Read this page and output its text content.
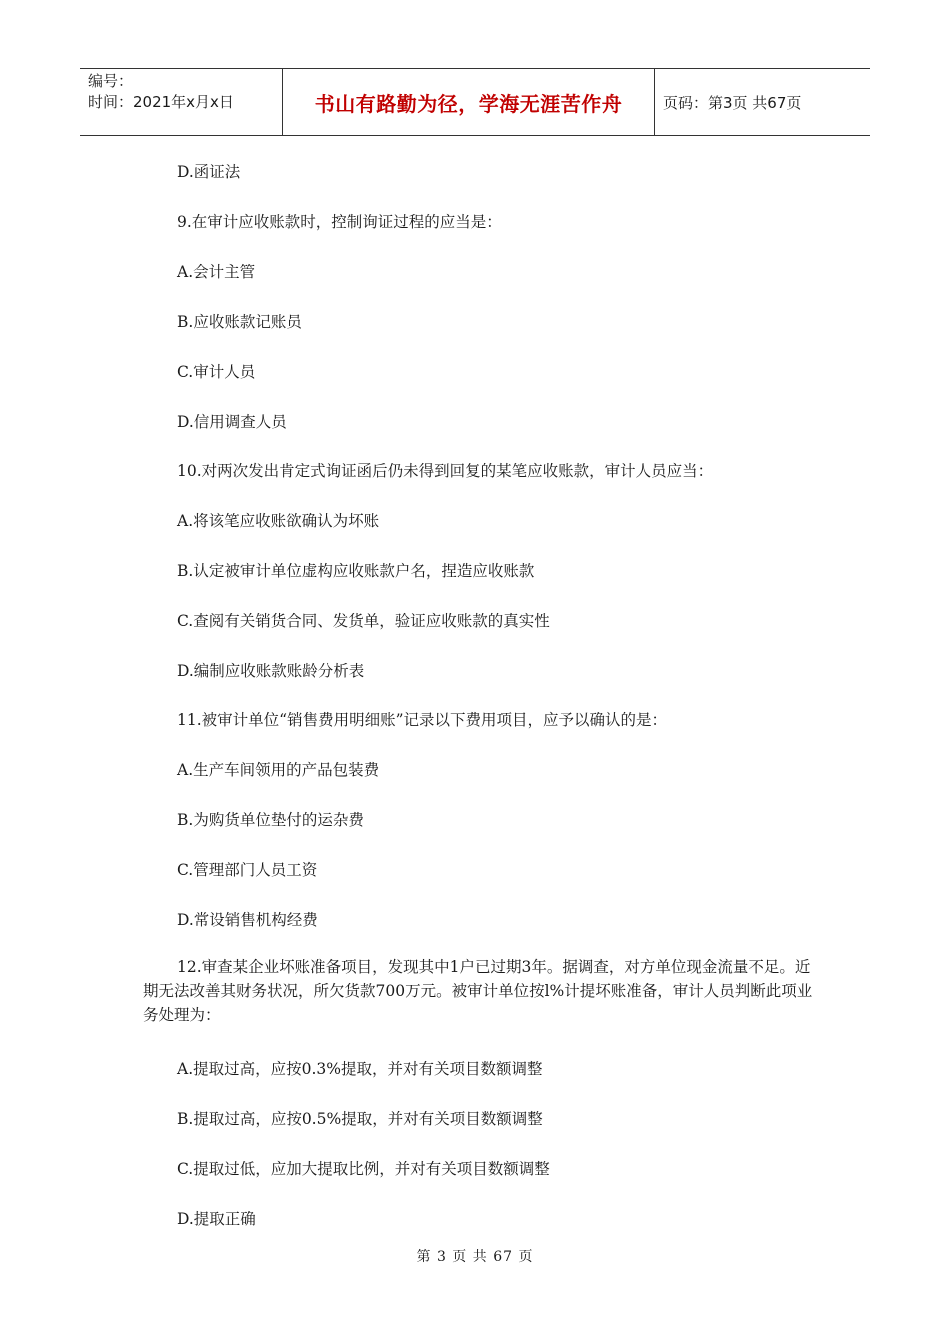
编号：
时间：2021年x月x日	书山有路勤为径，学海无涯苦作舟	页码：第3页 共67页
D.函证法
9.在审计应收账款时，控制询证过程的应当是：
A.会计主管
B.应收账款记账员
C.审计人员
D.信用调查人员
10.对两次发出肯定式询证函后仍未得到回复的某笔应收账款，审计人员应当：
A.将该笔应收账欲确认为坏账
B.认定被审计单位虚构应收账款户名，捏造应收账款
C.查阅有关销货合同、发货单，验证应收账款的真实性
D.编制应收账款账龄分析表
11.被审计单位“销售费用明细账”记录以下费用项目，应予以确认的是：
A.生产车间领用的产品包装费
B.为购货单位垫付的运杂费
C.管理部门人员工资
D.常设销售机构经费
12.审查某企业坏账准备项目，发现其中1户已过期3年。据调查，对方单位现金流量不足。近期无法改善其财务状况，所欠货款700万元。被审计单位按l%计提坏账准备，审计人员判断此项业务处理为：
A.提取过高，应按0.3%提取，并对有关项目数额调整
B.提取过高，应按0.5%提取，并对有关项目数额调整
C.提取过低，应加大提取比例，并对有关项目数额调整
D.提取正确
第 3 页 共 67 页
